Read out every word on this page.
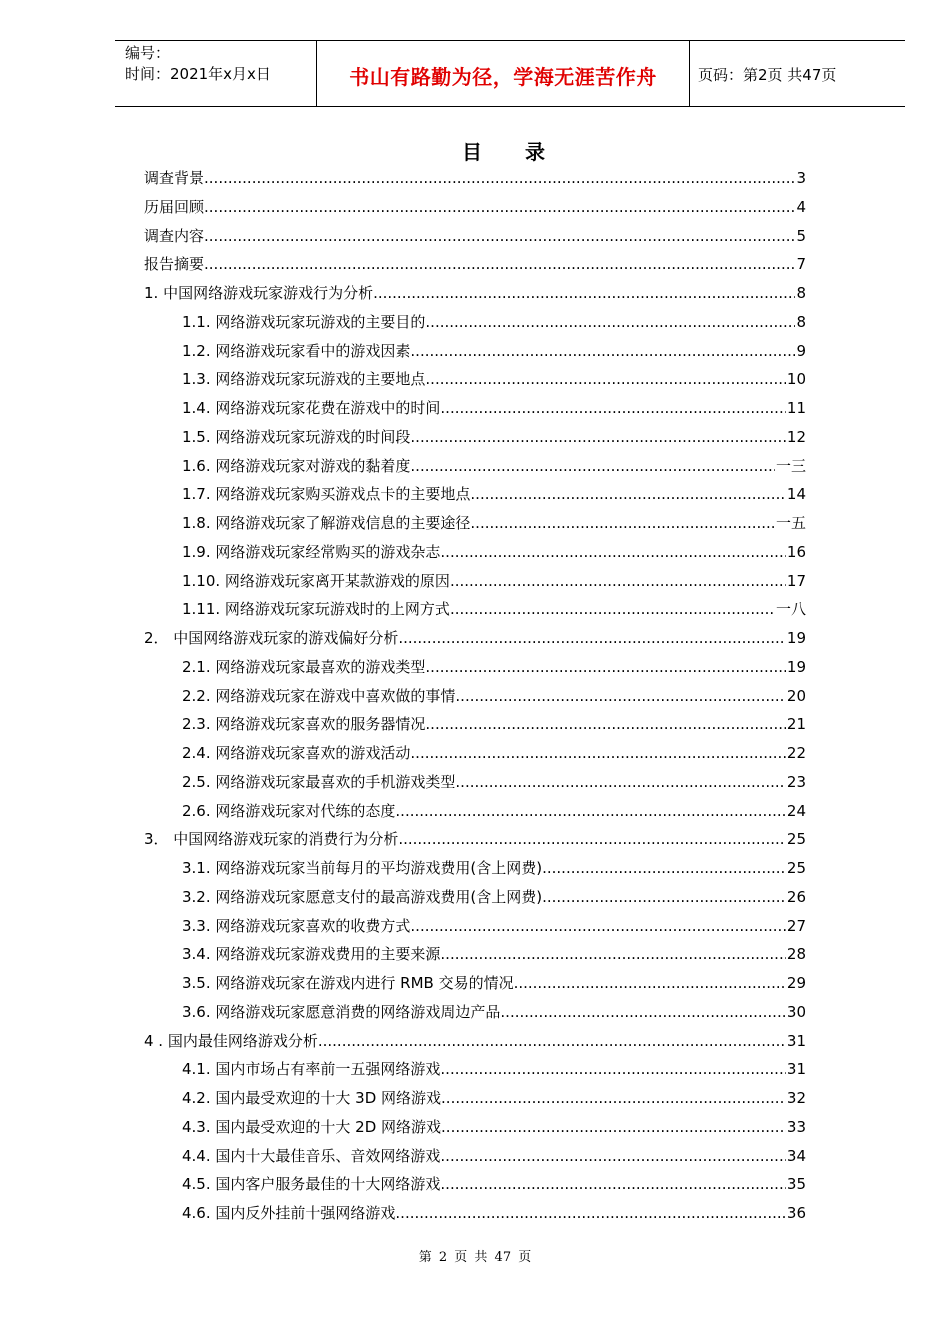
编号：
时间：2021年x月x日	书山有路勤为径，学海无涯苦作舟	页码：第2页 共47页
目 录
调查背景 .....	3
历届回顾 .....	4
调查内容 .....	5
报告摘要 .....	7
1. 中国网络游戏玩家游戏行为分析 .....	8
1.1. 网络游戏玩家玩游戏的主要目的 .....	8
1.2. 网络游戏玩家看中的游戏因素 .....	9
1.3. 网络游戏玩家玩游戏的主要地点 .....	10
1.4. 网络游戏玩家花费在游戏中的时间 .....	11
1.5. 网络游戏玩家玩游戏的时间段 .....	12
1.6. 网络游戏玩家对游戏的黏着度 .....	一三
1.7. 网络游戏玩家购买游戏点卡的主要地点 .....	14
1.8. 网络游戏玩家了解游戏信息的主要途径 .....	一五
1.9. 网络游戏玩家经常购买的游戏杂志 .....	16
1.10. 网络游戏玩家离开某款游戏的原因 .....	17
1.11. 网络游戏玩家玩游戏时的上网方式 .....	一八
2． 中国网络游戏玩家的游戏偏好分析 .....	19
2.1. 网络游戏玩家最喜欢的游戏类型 .....	19
2.2. 网络游戏玩家在游戏中喜欢做的事情 .....	20
2.3. 网络游戏玩家喜欢的服务器情况 .....	21
2.4. 网络游戏玩家喜欢的游戏活动 .....	22
2.5. 网络游戏玩家最喜欢的手机游戏类型 .....	23
2.6. 网络游戏玩家对代练的态度 .....	24
3． 中国网络游戏玩家的消费行为分析 .....	25
3.1. 网络游戏玩家当前每月的平均游戏费用(含上网费) .....	25
3.2. 网络游戏玩家愿意支付的最高游戏费用(含上网费) .....	26
3.3. 网络游戏玩家喜欢的收费方式 .....	27
3.4. 网络游戏玩家游戏费用的主要来源 .....	28
3.5. 网络游戏玩家在游戏内进行 RMB 交易的情况 .....	29
3.6. 网络游戏玩家愿意消费的网络游戏周边产品 .....	30
4 . 国内最佳网络游戏分析 .....	31
4.1. 国内市场占有率前一五强网络游戏 .....	31
4.2. 国内最受欢迎的十大 3D 网络游戏 .....	32
4.3. 国内最受欢迎的十大 2D 网络游戏 .....	33
4.4. 国内十大最佳音乐、音效网络游戏 .....	34
4.5. 国内客户服务最佳的十大网络游戏 .....	35
4.6. 国内反外挂前十强网络游戏 .....	36
第 2 页 共 47 页
